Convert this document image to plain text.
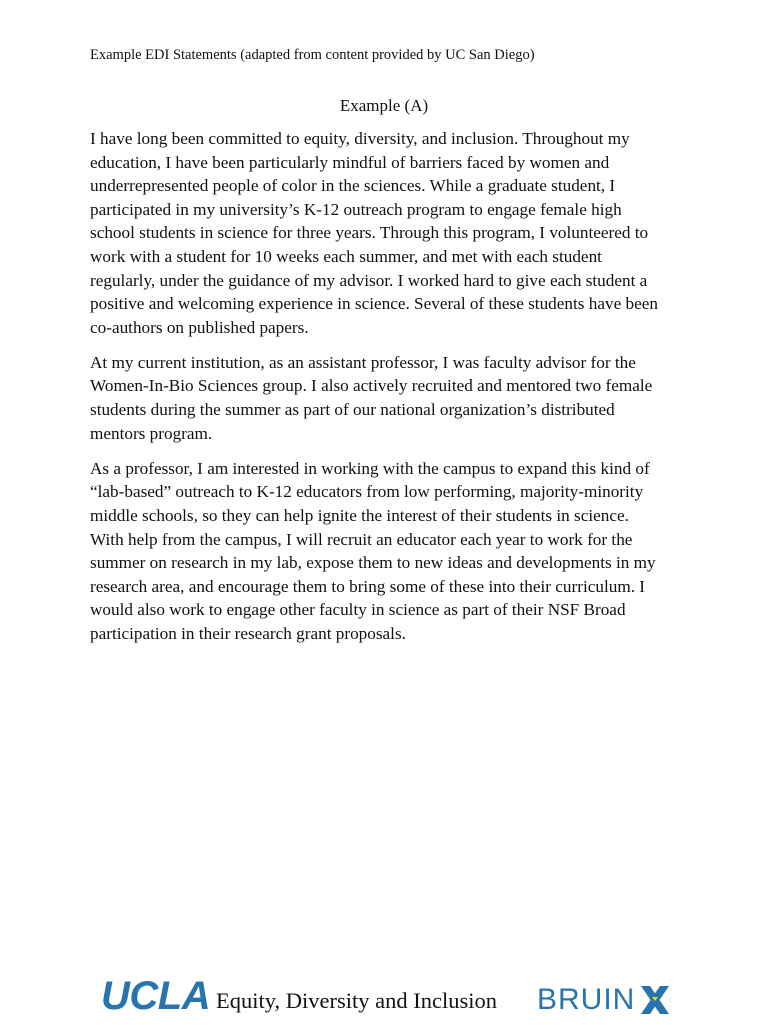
Example EDI Statements (adapted from content provided by UC San Diego)
Example (A)

I have long been committed to equity, diversity, and inclusion. Throughout my
education, I have been particularly mindful of barriers faced by women and
underrepresented people of color in the sciences. While a graduate student, I
participated in my university’s K-12 outreach program to engage female high
school students in science for three years. Through this program, I volunteered to
work with a student for 10 weeks each summer, and met with each student
regularly, under the guidance of my advisor. I worked hard to give each student a
positive and welcoming experience in science. Several of these students have been
co-authors on published papers.

At my current institution, as an assistant professor, I was faculty advisor for the
Women-In-Bio Sciences group. I also actively recruited and mentored two female
students during the summer as part of our national organization’s distributed
mentors program.

As a professor, I am interested in working with the campus to expand this kind of
“lab-based” outreach to K-12 educators from low performing, majority-minority
middle schools, so they can help ignite the interest of their students in science.
With help from the campus, I will recruit an educator each year to work for the
summer on research in my lab, expose them to new ideas and developments in my
research area, and encourage them to bring some of these into their curriculum. I
would also work to engage other faculty in science as part of their NSF Broad
participation in their research grant proposals.

UCLA Equity, Diversity and Inclusion BRUIN
